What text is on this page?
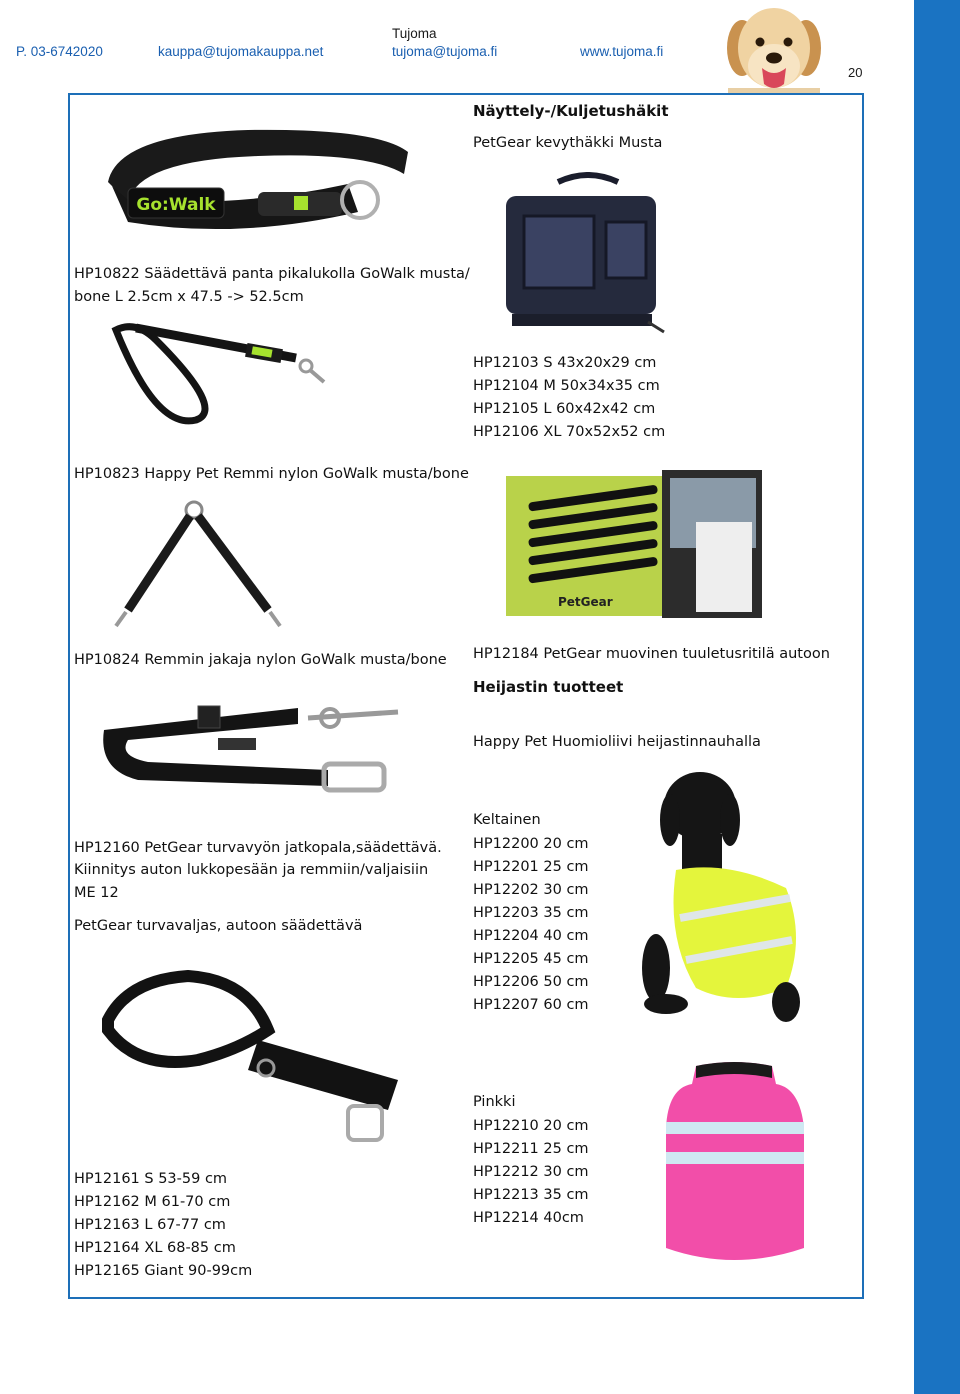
Tujoma
P. 03-6742020	kauppa@tujomakauppa.net	tujoma@tujoma.fi	www.tujoma.fi
20
Go:Walk
HP10822 Säädettävä panta pikalukolla GoWalk musta/
bone L 2.5cm x 47.5 -> 52.5cm
HP10823 Happy Pet Remmi nylon GoWalk musta/bone
HP10824 Remmin jakaja nylon GoWalk musta/bone
HP12160 PetGear turvavyön jatkopala,säädettävä.
Kiinnitys auton lukkopesään ja remmiin/valjaisiin
ME 12
PetGear turvavaljas, autoon säädettävä
HP12161 S 53-59 cm
HP12162 M 61-70 cm
HP12163 L 67-77 cm
HP12164 XL 68-85 cm
HP12165 Giant 90-99cm
Näyttely-/Kuljetushäkit
PetGear kevythäkki Musta
HP12103 S 43x20x29 cm
HP12104 M 50x34x35 cm
HP12105 L 60x42x42 cm
HP12106 XL 70x52x52 cm
PetGear
HP12184 PetGear muovinen tuuletusritilä autoon
Heijastin tuotteet
Happy Pet Huomioliivi heijastinnauhalla
Keltainen
HP12200 20 cm
HP12201 25 cm
HP12202 30 cm
HP12203 35 cm
HP12204 40 cm
HP12205 45 cm
HP12206 50 cm
HP12207 60 cm
Pinkki
HP12210 20 cm
HP12211 25 cm
HP12212 30 cm
HP12213 35 cm
HP12214 40cm
